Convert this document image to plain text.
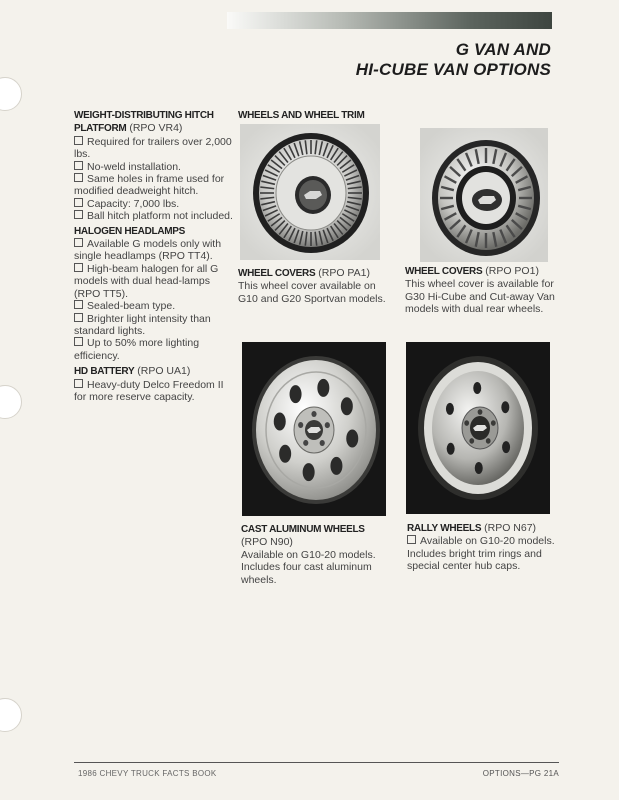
G VAN AND
HI-CUBE VAN OPTIONS
WEIGHT-DISTRIBUTING HITCH PLATFORM (RPO VR4)
Required for trailers over 2,000 lbs.
No-weld installation.
Same holes in frame used for modified deadweight hitch.
Capacity: 7,000 lbs.
Ball hitch platform not included.
HALOGEN HEADLAMPS
Available G models only with single headlamps (RPO TT4).
High-beam halogen for all G models with dual head-lamps (RPO TT5).
Sealed-beam type.
Brighter light intensity than standard lights.
Up to 50% more lighting efficiency.
HD BATTERY (RPO UA1)
Heavy-duty Delco Freedom II for more reserve capacity.
WHEELS AND WHEEL TRIM
WHEEL COVERS (RPO PA1)
This wheel cover available on G10 and G20 Sportvan models.
WHEEL COVERS (RPO PO1)
This wheel cover is available for G30 Hi-Cube and Cut-away Van models with dual rear wheels.
CAST ALUMINUM WHEELS
(RPO N90)
Available on G10-20 models. Includes four cast aluminum wheels.
RALLY WHEELS (RPO N67)
Available on G10-20 models. Includes bright trim rings and special center hub caps.
1986 CHEVY TRUCK FACTS BOOK	OPTIONS—PG 21A
